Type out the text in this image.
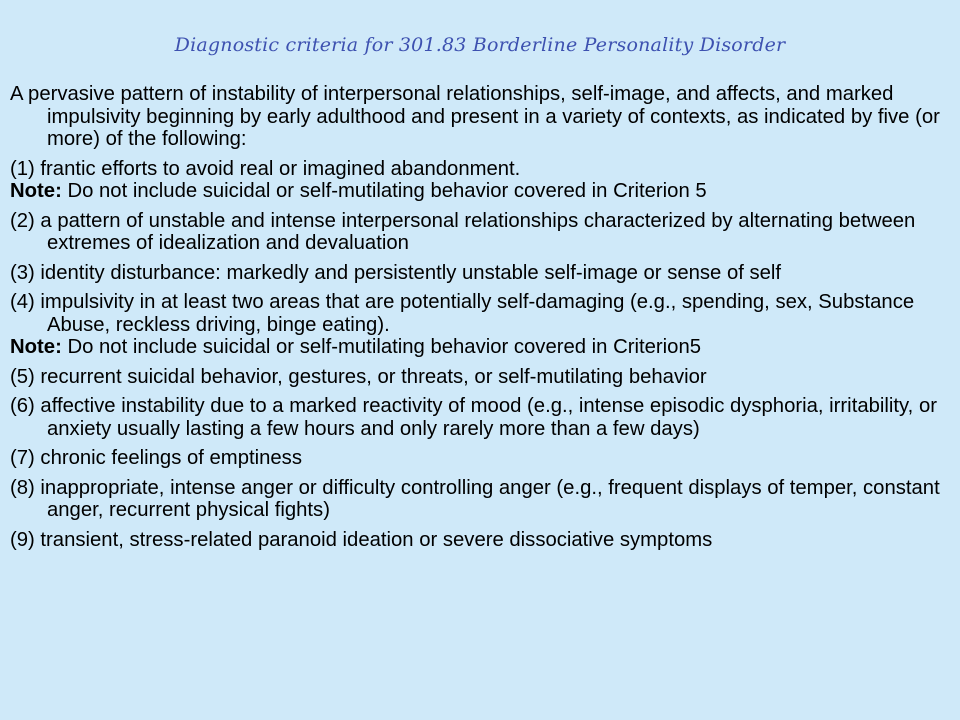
Diagnostic criteria for 301.83 Borderline Personality Disorder

A pervasive pattern of instability of interpersonal relationships, self-image, and affects, and marked impulsivity beginning by early adulthood and present in a variety of contexts, as indicated by five (or more) of the following:

(1) frantic efforts to avoid real or imagined abandonment.
Note: Do not include suicidal or self-mutilating behavior covered in Criterion 5

(2) a pattern of unstable and intense interpersonal relationships characterized by alternating between extremes of idealization and devaluation

(3) identity disturbance: markedly and persistently unstable self-image or sense of self

(4) impulsivity in at least two areas that are potentially self-damaging (e.g., spending, sex, Substance Abuse, reckless driving, binge eating).
Note: Do not include suicidal or self-mutilating behavior covered in Criterion5

(5) recurrent suicidal behavior, gestures, or threats, or self-mutilating behavior

(6) affective instability due to a marked reactivity of mood (e.g., intense episodic dysphoria, irritability, or anxiety usually lasting a few hours and only rarely more than a few days)

(7) chronic feelings of emptiness

(8) inappropriate, intense anger or difficulty controlling anger (e.g., frequent displays of temper, constant anger, recurrent physical fights)

(9) transient, stress-related paranoid ideation or severe dissociative symptoms
